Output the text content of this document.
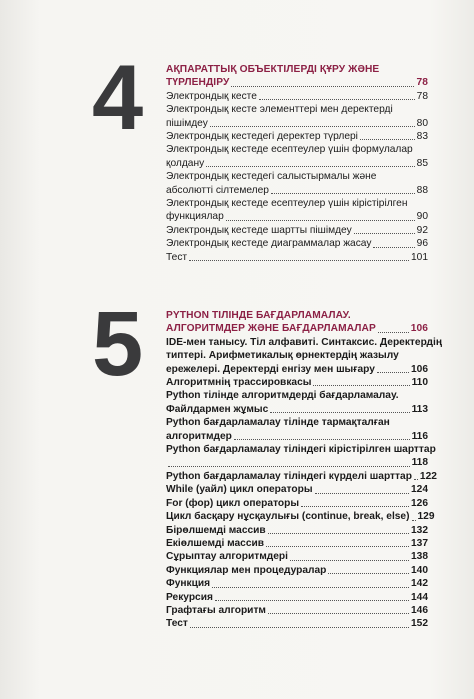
4 АҚПАРАТТЫҚ ОБЪЕКТІЛЕРДІ ҚҰРУ ЖӘНЕ
ТҮРЛЕНДІРУ	78
Электрондық кесте	78
Электрондық кесте элементтері мен деректерді
пішімдеу	80
Электрондық кестедегі деректер түрлері	83
Электрондық кестеде есептеулер үшін формулалар
қолдану	85
Электрондық кестедегі салыстырмалы және
абсолютті сілтемелер	88
Электрондық кестеде есептеулер үшін кірістірілген
функциялар	90
Электрондық кестеде шартты пішімдеу	92
Электрондық кестеде диаграммалар жасау	96
Тест	101
5 PYTHON ТІЛІНДЕ БАҒДАРЛАМАЛАУ.
АЛГОРИТМДЕР ЖӘНЕ БАҒДАРЛАМАЛАР	106
IDE-мен танысу. Тіл алфавиті. Синтаксис. Деректердің
типтері. Арифметикалық өрнектердің жазылу
ережелері. Деректерді енгізу мен шығару	106
Алгоритмнің трассировкасы	110
Python тілінде алгоритмдерді бағдарламалау.
Файлдармен жұмыс	113
Python бағдарламалау тілінде тармақталған
алгоритмдер	116
Python бағдарламалау тіліндегі кірістірілген шарттар
118
Python бағдарламалау тіліндегі күрделі шарттар 122
While (уайл) цикл операторы	124
For (фор) цикл операторы	126
Цикл басқару нұсқаулығы (continue, break, else) 129
Бірөлшемді массив	132
Екіөлшемді массив	137
Сұрыптау алгоритмдері	138
Функциялар мен процедуралар	140
Функция	142
Рекурсия	144
Графтағы алгоритм	146
Тест	152
